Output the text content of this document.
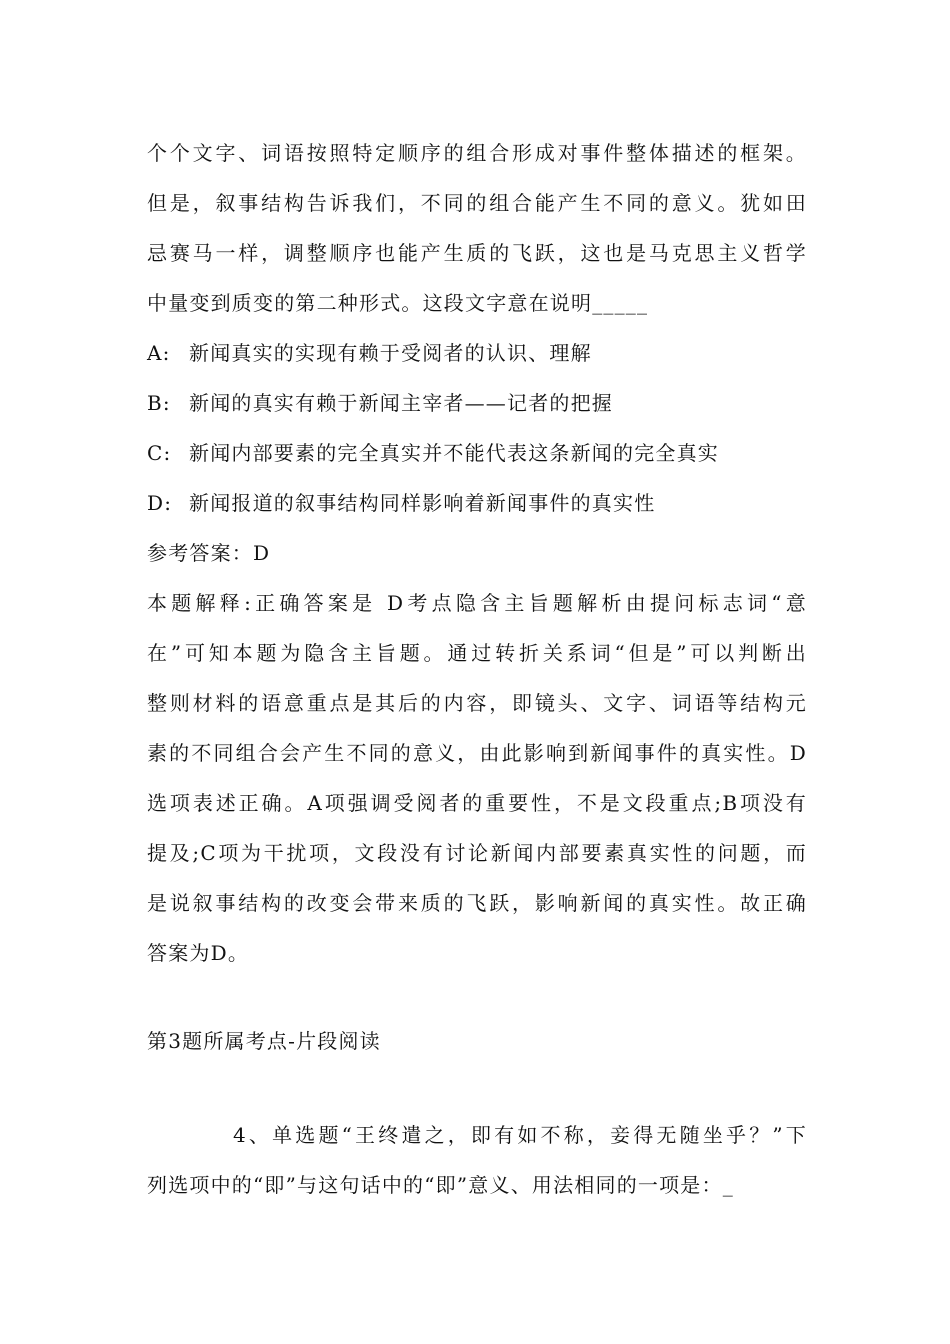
个个文字、词语按照特定顺序的组合形成对事件整体描述的框架。
但是，叙事结构告诉我们，不同的组合能产生不同的意义。犹如田
忌赛马一样，调整顺序也能产生质的飞跃，这也是马克思主义哲学
中量变到质变的第二种形式。这段文字意在说明_____
A: 新闻真实的实现有赖于受阅者的认识、理解
B: 新闻的真实有赖于新闻主宰者——记者的把握
C: 新闻内部要素的完全真实并不能代表这条新闻的完全真实
D: 新闻报道的叙事结构同样影响着新闻事件的真实性
参考答案：D
本题解释:正确答案是 D考点隐含主旨题解析由提问标志词“意
在”可知本题为隐含主旨题。通过转折关系词“但是”可以判断出
整则材料的语意重点是其后的内容，即镜头、文字、词语等结构元
素的不同组合会产生不同的意义，由此影响到新闻事件的真实性。D
选项表述正确。A项强调受阅者的重要性，不是文段重点;B项没有
提及;C项为干扰项，文段没有讨论新闻内部要素真实性的问题，而
是说叙事结构的改变会带来质的飞跃，影响新闻的真实性。故正确
答案为D。
第3题所属考点-片段阅读
4、单选题“王终遣之，即有如不称，妾得无随坐乎？”下
列选项中的“即”与这句话中的“即”意义、用法相同的一项是：_
